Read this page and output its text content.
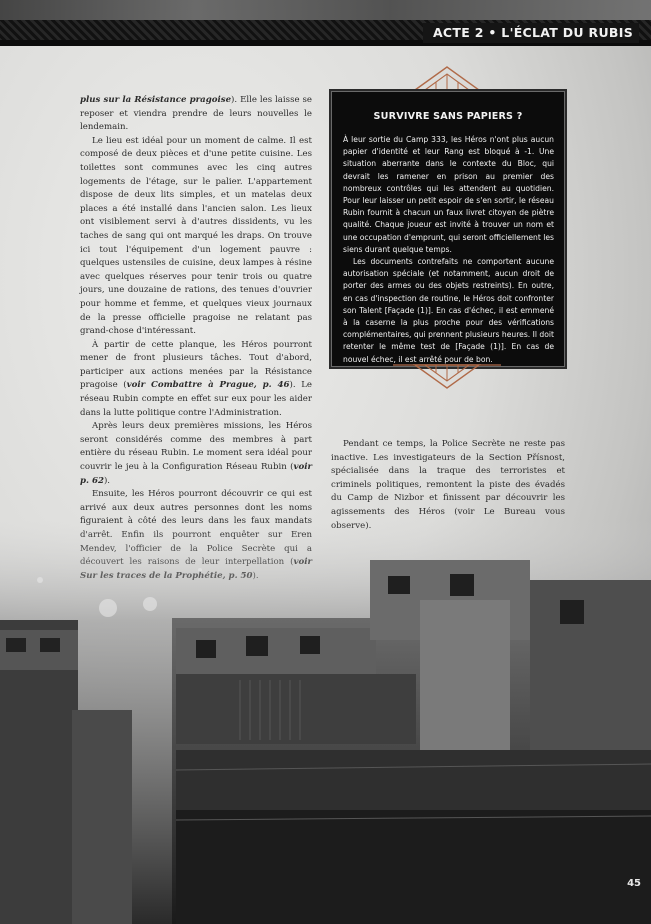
ACTE 2 • L'ÉCLAT DU RUBIS

plus sur la Résistance pragoise). Elle les laisse se reposer et viendra prendre de leurs nouvelles le lendemain.

Le lieu est idéal pour un moment de calme. Il est composé de deux pièces et d'une petite cuisine. Les toilettes sont communes avec les cinq autres logements de l'étage, sur le palier. L'appartement dispose de deux lits simples, et un matelas deux places a été installé dans l'ancien salon. Les lieux ont visiblement servi à d'autres dissidents, vu les taches de sang qui ont marqué les draps. On trouve ici tout l'équipement d'un logement pauvre : quelques ustensiles de cuisine, deux lampes à résine avec quelques réserves pour tenir trois ou quatre jours, une douzaine de rations, des tenues d'ouvrier pour homme et femme, et quelques vieux journaux de la presse officielle pragoise ne relatant pas grand-chose d'intéressant.

À partir de cette planque, les Héros pourront mener de front plusieurs tâches. Tout d'abord, participer aux actions menées par la Résistance pragoise (voir Combattre à Prague, p. 46). Le réseau Rubin compte en effet sur eux pour les aider dans la lutte politique contre l'Administration.

Après leurs deux premières missions, les Héros seront considérés comme des membres à part entière du réseau Rubin. Le moment sera idéal pour couvrir le jeu à la Configuration Réseau Rubin (voir p. 62).

Ensuite, les Héros pourront découvrir ce qui est arrivé aux deux autres personnes dont les noms

SURVIVRE SANS PAPIERS ?

À leur sortie du Camp 333, les Héros n'ont plus aucun papier d'identité et leur Rang est bloqué à -1. Une situation aberrante dans le contexte du Bloc, qui devrait les ramener en prison au premier des nombreux contrôles qui les attendent au quotidien. Pour leur laisser un petit espoir de s'en sortir, le réseau Rubin fournit à chacun un faux livret citoyen de piètre qualité. Chaque joueur est invité à trouver un nom et une occupation d'emprunt, qui seront officiellement les siens durant quelque temps.

Les documents contrefaits ne comportent aucune autorisation spéciale (et notamment, aucun droit de porter des armes ou des objets restreints). En outre, en cas d'inspection de routine, le Héros doit confronter son Talent [Façade (1)]. En cas d'échec, il est emmené à la caserne la plus proche pour des vérifications complémentaires, qui prennent plusieurs heures. Il doit retenter le même test de [Façade (1)]. En cas de nouvel échec, il est arrêté pour de bon.

Pendant ce temps, la Police Secrète ne reste pas inactive. Les investigateurs de la Section Přísnost, spécialisée dans la traque des terroristes et criminels politiques, remontent la piste des évadés du Camp de Nizbor et finissent par découvrir les agissements des Héros (voir Le Bureau vous

45
